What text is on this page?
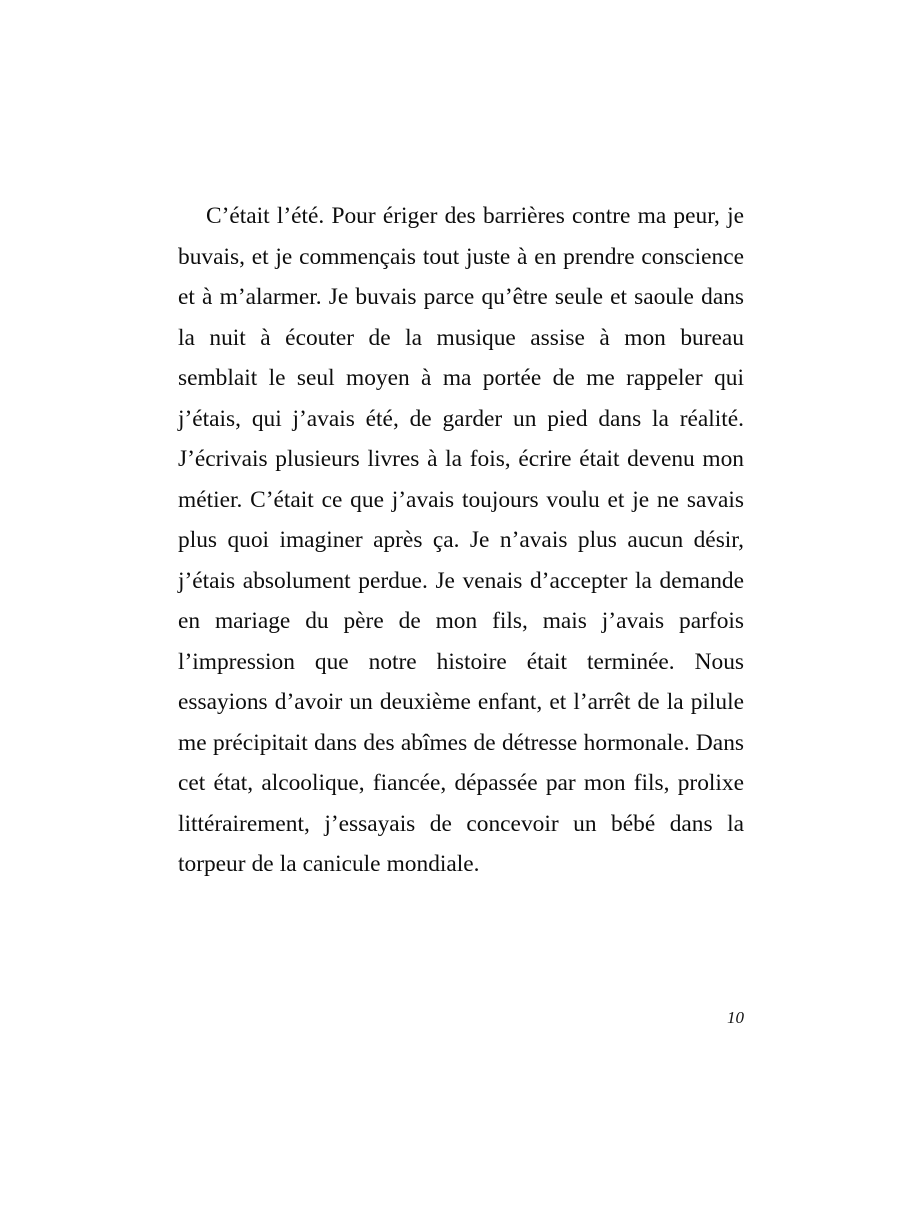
C’était l’été. Pour ériger des barrières contre ma peur, je buvais, et je commençais tout juste à en prendre conscience et à m’alarmer. Je buvais parce qu’être seule et saoule dans la nuit à écouter de la musique assise à mon bureau semblait le seul moyen à ma portée de me rappeler qui j’étais, qui j’avais été, de garder un pied dans la réalité. J’écrivais plusieurs livres à la fois, écrire était devenu mon métier. C’était ce que j’avais toujours voulu et je ne savais plus quoi imaginer après ça. Je n’avais plus aucun désir, j’étais absolument perdue. Je venais d’accepter la demande en mariage du père de mon fils, mais j’avais parfois l’impression que notre histoire était terminée. Nous essayions d’avoir un deuxième enfant, et l’arrêt de la pilule me précipitait dans des abîmes de détresse hormonale. Dans cet état, alcoolique, fiancée, dépassée par mon fils, prolixe littérairement, j’essayais de concevoir un bébé dans la torpeur de la canicule mondiale.

10
